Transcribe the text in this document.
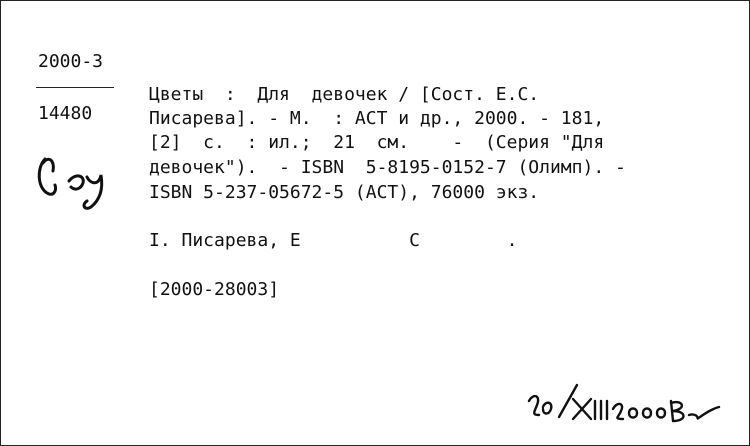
2000-3
14480
Цветы  :  Для  девочек / [Сост. Е.С.
Писарева]. - М.  : АСТ и др., 2000. - 181,
[2]  с.  : ил.;  21  см.    -  (Серия "Для
девочек").  - ISBN  5-8195-0152-7 (Олимп). -
ISBN 5-237-05672-5 (АСТ), 76000 экз.
I. Писарева, Е          С        .
[2000-28003]
